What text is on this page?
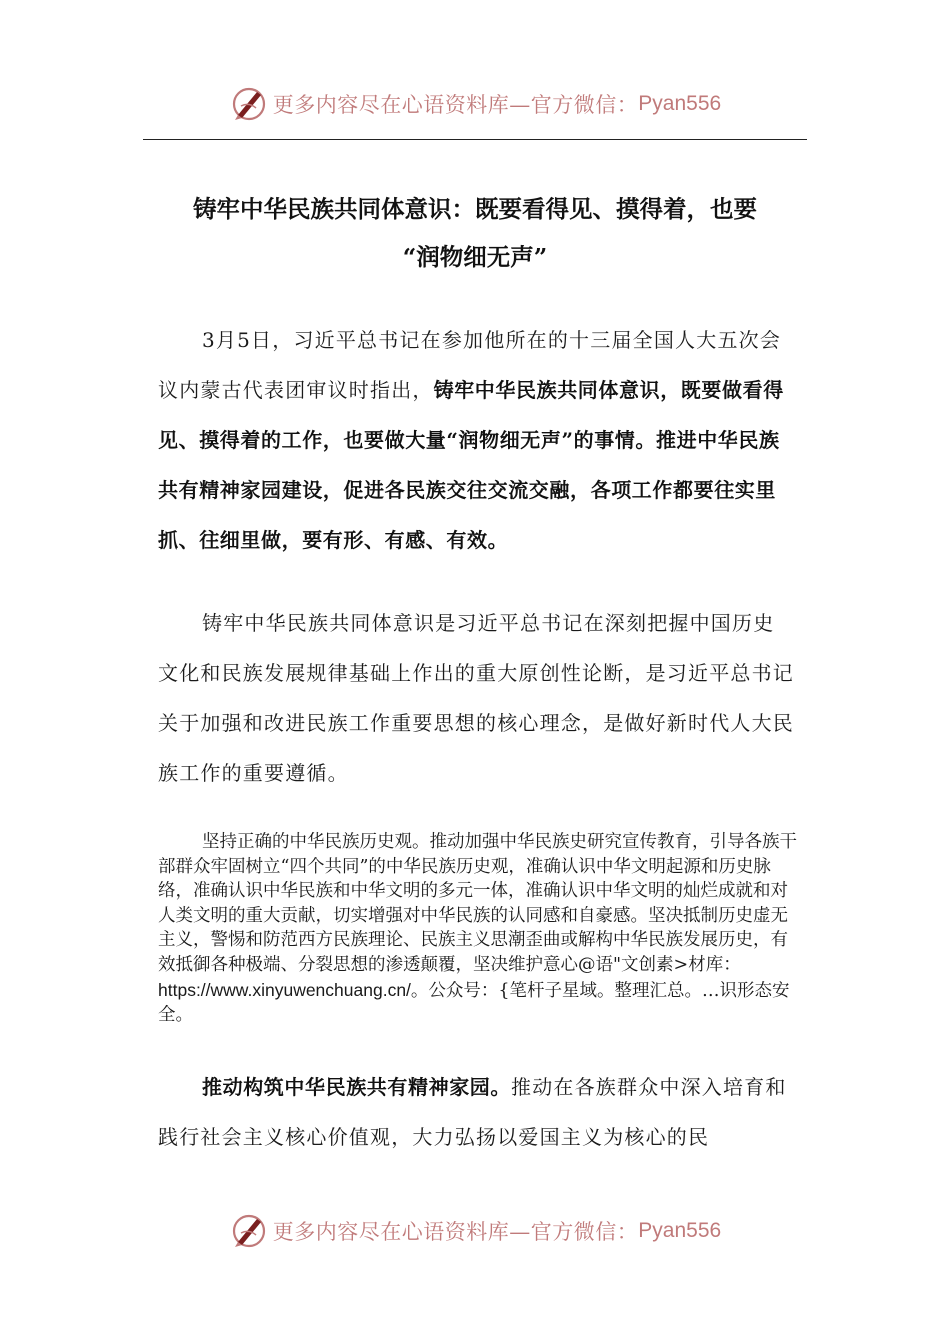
更多内容尽在心语资料库—官方微信： Pyan556
铸牢中华民族共同体意识：既要看得见、摸得着，也要
“润物细无声”

3月5日，习近平总书记在参加他所在的十三届全国人大五次会议内蒙古代表团审议时指出，铸牢中华民族共同体意识，既要做看得见、摸得着的工作，也要做大量“润物细无声”的事情。推进中华民族共有精神家园建设，促进各民族交往交流交融，各项工作都要往实里抓、往细里做，要有形、有感、有效。

铸牢中华民族共同体意识是习近平总书记在深刻把握中国历史文化和民族发展规律基础上作出的重大原创性论断，是习近平总书记关于加强和改进民族工作重要思想的核心理念，是做好新时代人大民族工作的重要遵循。

坚持正确的中华民族历史观。推动加强中华民族史研究宣传教育，引导各族干部群众牢固树立“四个共同”的中华民族历史观，准确认识中华文明起源和历史脉络，准确认识中华民族和中华文明的多元一体，准确认识中华文明的灿烂成就和对人类文明的重大贡献，切实增强对中华民族的认同感和自豪感。坚决抵制历史虚无主义，警惕和防范西方民族理论、民族主义思潮歪曲或解构中华民族发展历史，有效抵御各种极端、分裂思想的渗透颠覆，坚决维护意心@语"文创素>材库：https://www.xinyuwenchuang.cn/。公众号：{笔杆子星域。整理汇总。…识形态安全。

推动构筑中华民族共有精神家园。推动在各族群众中深入培育和践行社会主义核心价值观，大力弘扬以爱国主义为核心的民

更多内容尽在心语资料库—官方微信： Pyan556
